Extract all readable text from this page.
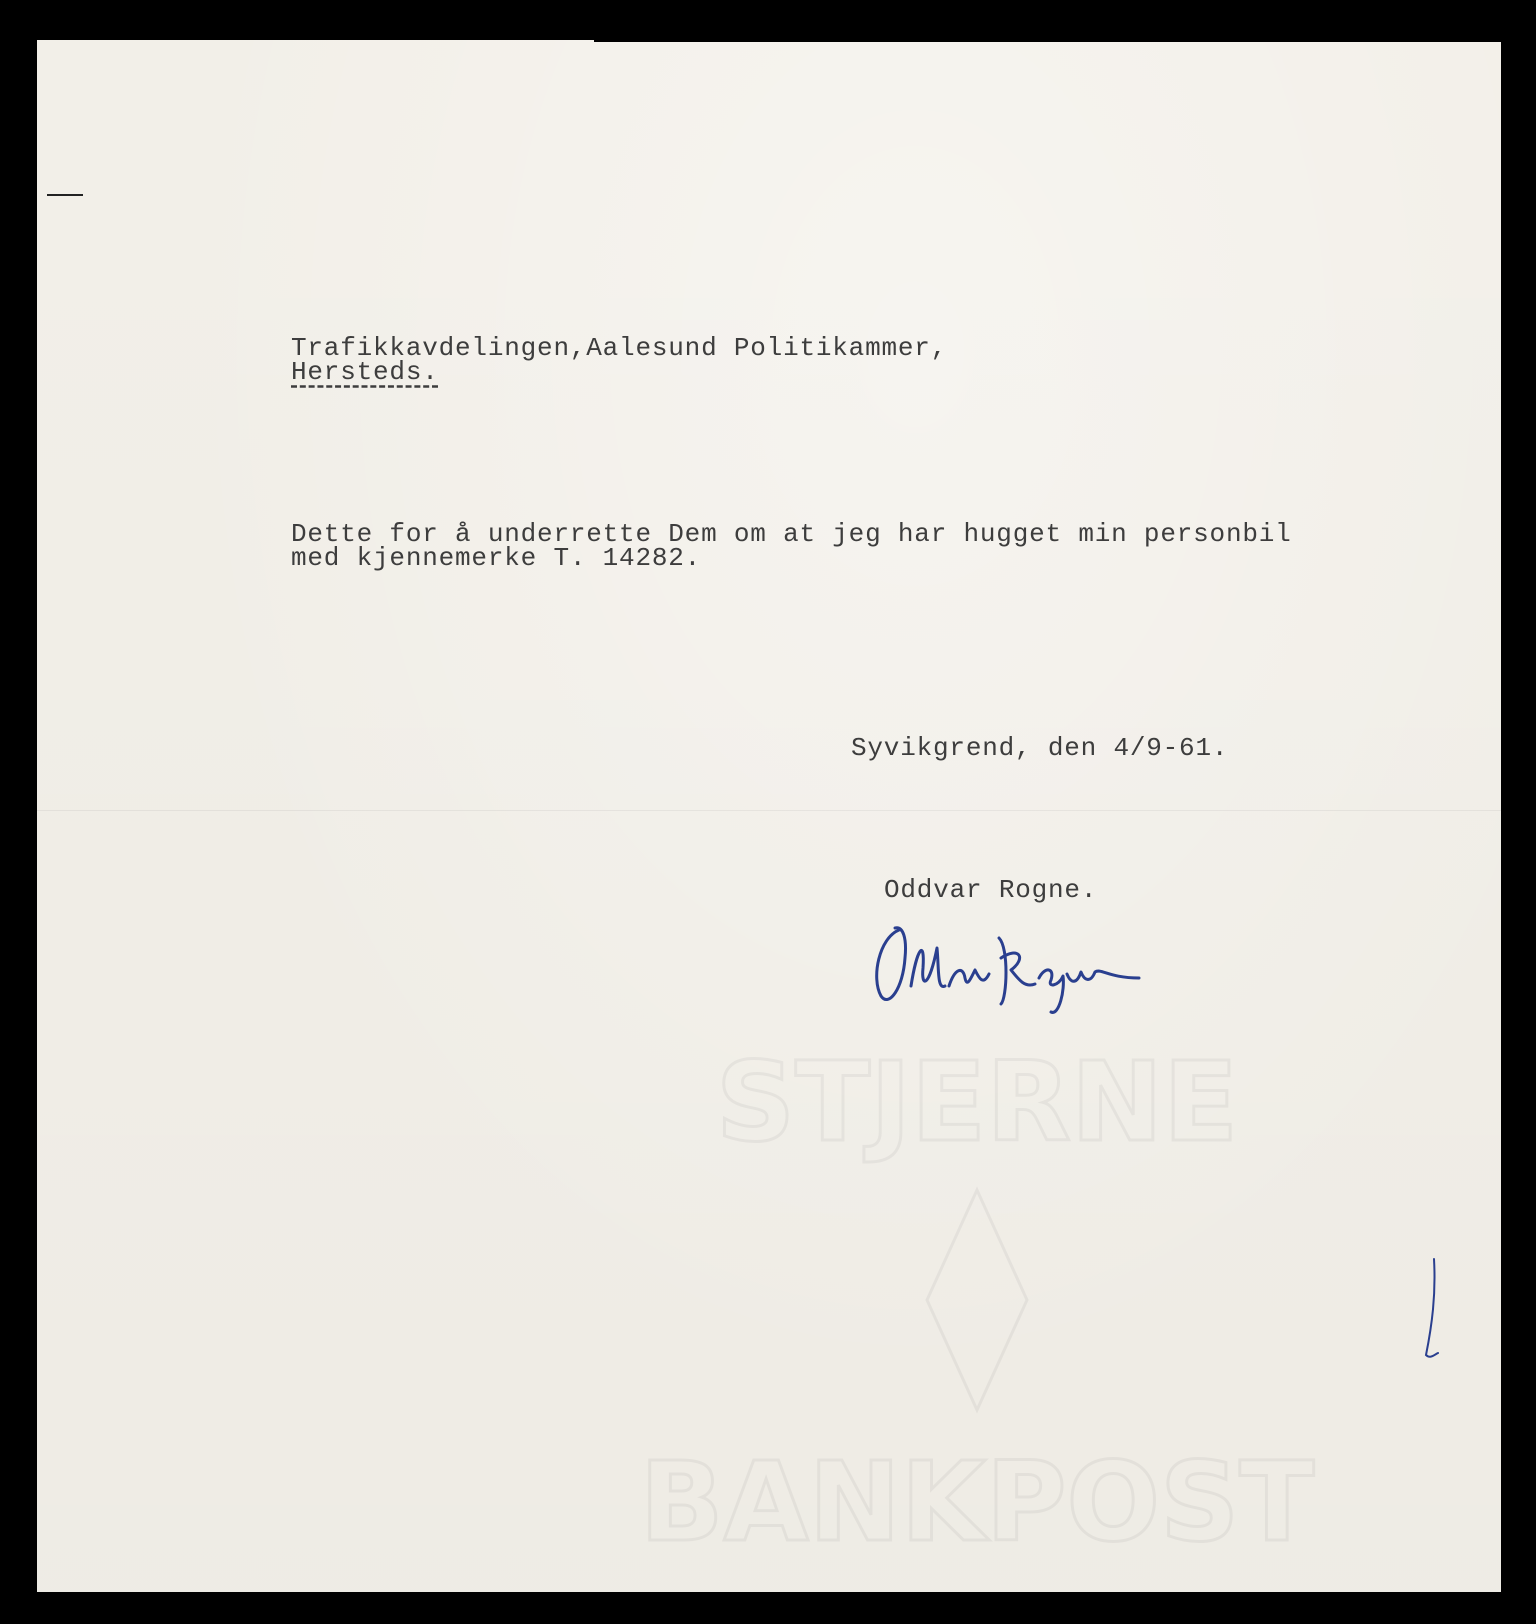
STJERNE
BANKPOST
Trafikkavdelingen,Aalesund Politikammer,
Hersteds.
Dette for å underrette Dem om at jeg har hugget min personbil
med kjennemerke T. 14282.
Syvikgrend, den 4/9-61.
Oddvar Rogne.
